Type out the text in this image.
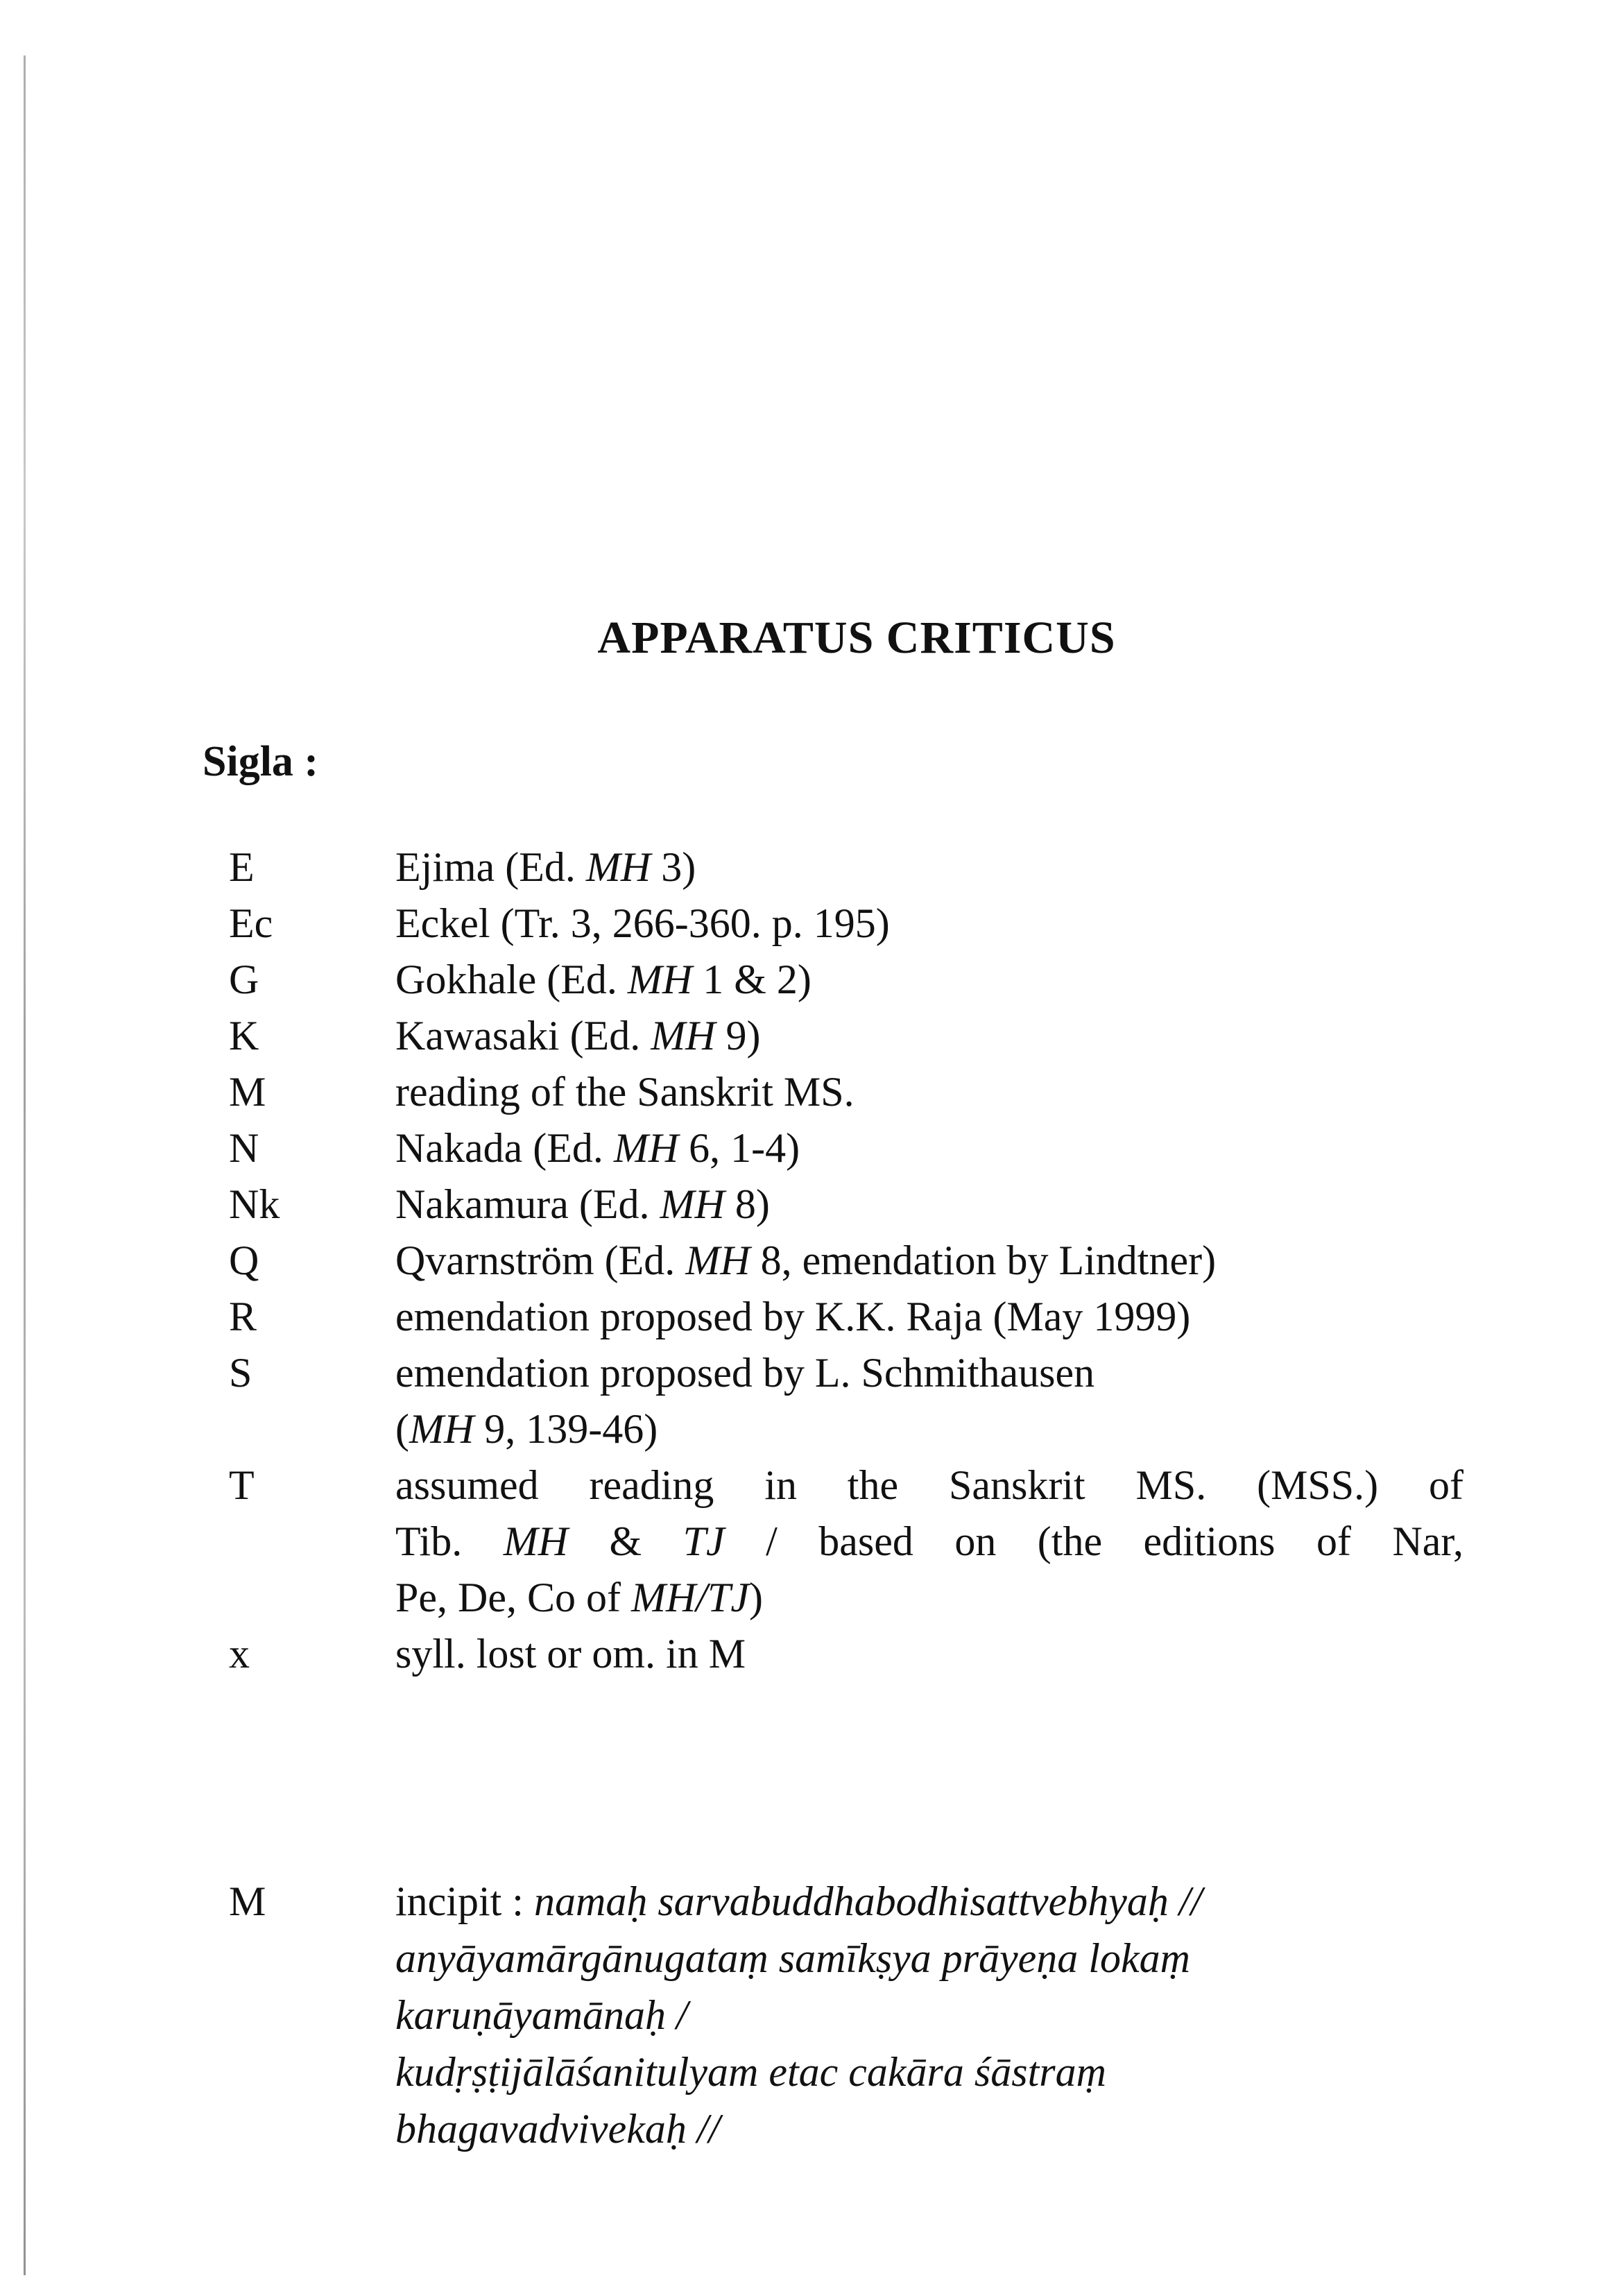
APPARATUS CRITICUS
Sigla :
E	Ejima (Ed. MH 3)
Ec	Eckel (Tr. 3, 266-360. p. 195)
G	Gokhale (Ed. MH 1 & 2)
K	Kawasaki (Ed. MH 9)
M	reading of the Sanskrit MS.
N	Nakada (Ed. MH 6, 1-4)
Nk	Nakamura (Ed. MH 8)
Q	Qvarnström (Ed. MH 8, emendation by Lindtner)
R	emendation proposed by K.K. Raja (May 1999)
S	emendation proposed by L. Schmithausen
(MH 9, 139-46)
T	assumed reading in the Sanskrit MS. (MSS.) of
Tib. MH & TJ / based on (the editions of Nar,
Pe, De, Co of MH/TJ)
x	syll. lost or om. in M
M	incipit : namaḥ sarvabuddhabodhisattvebhyaḥ //
anyāyamārgānugataṃ samīkṣya prāyeṇa lokaṃ
karuṇāyamānaḥ /
kudṛṣṭijālāśanitulyam etac cakāra śāstraṃ
bhagavadvivekaḥ //
